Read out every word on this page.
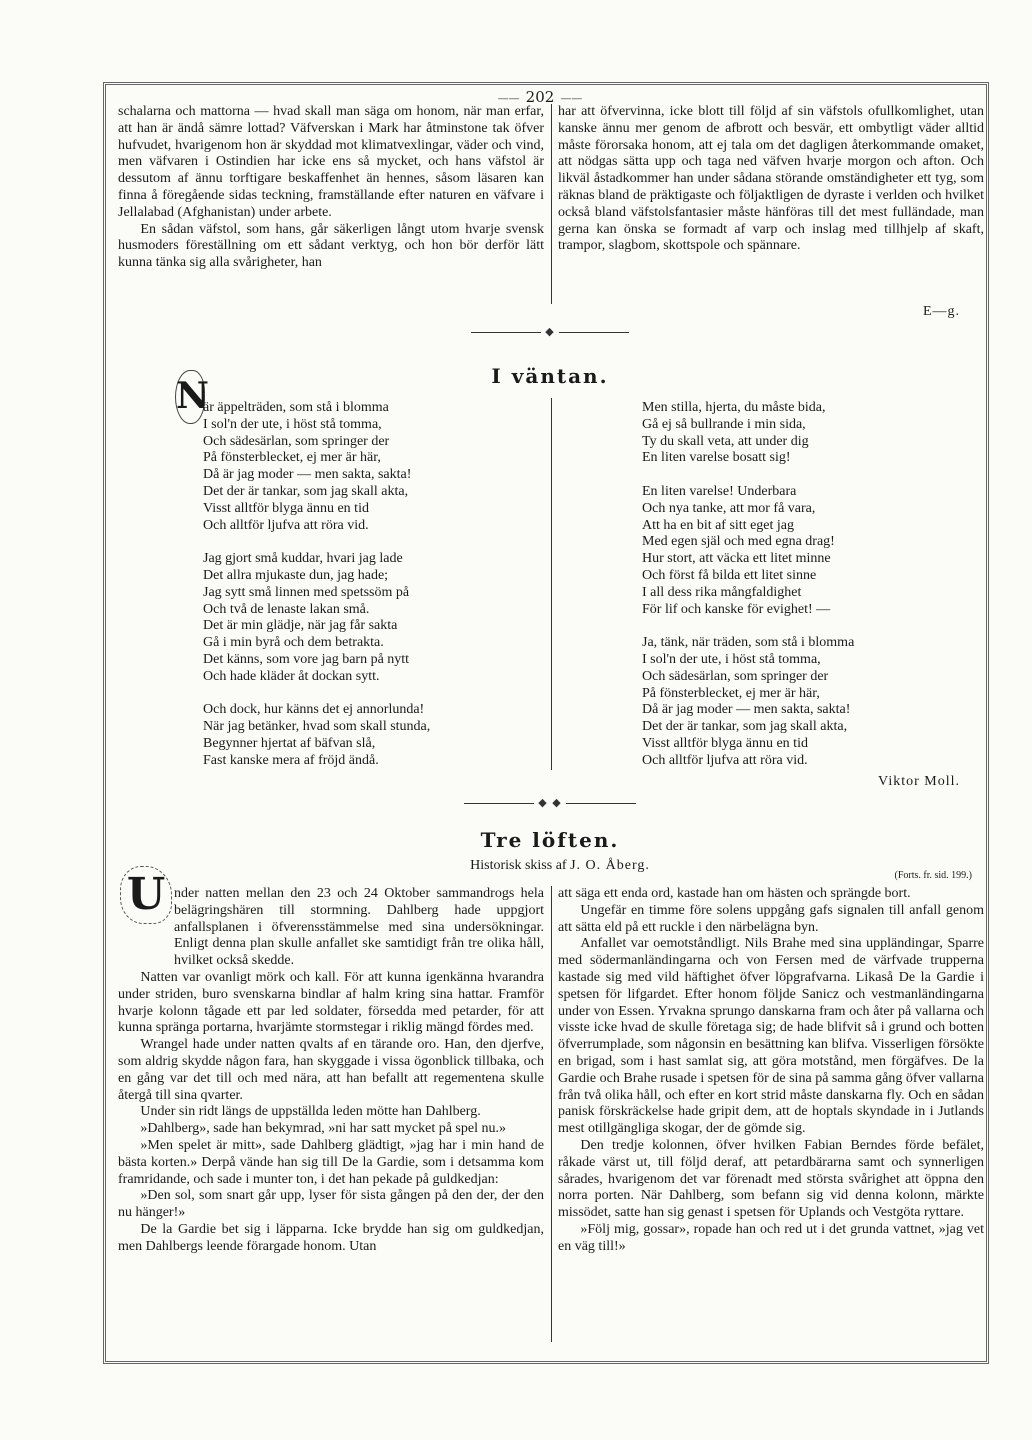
—— 202 ——

schalarna och mattorna — hvad skall man säga om honom, när man erfar, att han är ändå sämre lottad? Väfverskan i Mark har åtminstone tak öfver hufvudet, hvarigenom hon är skyddad mot klimatvexlingar, väder och vind, men väfvaren i Ostindien har icke ens så mycket, och hans väfstol är dessutom af ännu torftigare beskaffenhet än hennes, såsom läsaren kan finna å föregående sidas teckning, framställande efter naturen en väfvare i Jellalabad (Afghanistan) under arbete.

En sådan väfstol, som hans, går säkerligen långt utom hvarje svensk husmoders föreställning om ett sådant verktyg, och hon bör derför lätt kunna tänka sig alla svårigheter, han

har att öfvervinna, icke blott till följd af sin väfstols ofullkomlighet, utan kanske ännu mer genom de afbrott och besvär, ett ombytligt väder alltid måste förorsaka honom, att ej tala om det dagligen återkommande omaket, att nödgas sätta upp och taga ned väfven hvarje morgon och afton. Och likväl åstadkommer han under sådana störande omständigheter ett tyg, som räknas bland de präktigaste och följaktligen de dyraste i verlden och hvilket också bland väfstolsfantasier måste hänföras till det mest fulländade, man gerna kan önska se formadt af varp och inslag med tillhjelp af skaft, trampor, slagbom, skottspole och spännare.

E—g.
◆
I väntan.
N
är äppelträden, som stå i blomma
I sol'n der ute, i höst stå tomma,
Och sädesärlan, som springer der
På fönsterblecket, ej mer är här,
Då är jag moder — men sakta, sakta!
Det der är tankar, som jag skall akta,
Visst alltför blyga ännu en tid
Och alltför ljufva att röra vid.
Jag gjort små kuddar, hvari jag lade
Det allra mjukaste dun, jag hade;
Jag sytt små linnen med spetssöm på
Och två de lenaste lakan små.
Det är min glädje, när jag får sakta
Gå i min byrå och dem betrakta.
Det känns, som vore jag barn på nytt
Och hade kläder åt dockan sytt.
Och dock, hur känns det ej annorlunda!
När jag betänker, hvad som skall stunda,
Begynner hjertat af bäfvan slå,
Fast kanske mera af fröjd ändå.
Men stilla, hjerta, du måste bida,
Gå ej så bullrande i min sida,
Ty du skall veta, att under dig
En liten varelse bosatt sig!
En liten varelse! Underbara
Och nya tanke, att mor få vara,
Att ha en bit af sitt eget jag
Med egen själ och med egna drag!
Hur stort, att väcka ett litet minne
Och först få bilda ett litet sinne
I all dess rika mångfaldighet
För lif och kanske för evighet! —
Ja, tänk, när träden, som stå i blomma
I sol'n der ute, i höst stå tomma,
Och sädesärlan, som springer der
På fönsterblecket, ej mer är här,
Då är jag moder — men sakta, sakta!
Det der är tankar, som jag skall akta,
Visst alltför blyga ännu en tid
Och alltför ljufva att röra vid.
Viktor Moll.
◆ ◆
Tre löften.
Historisk skiss af J. O. Åberg.
(Forts. fr. sid. 199.)
U nder natten mellan den 23 och 24 Oktober sammandrogs hela belägringshären till stormning. Dahlberg hade uppgjort anfallsplanen i öfverensstämmelse med sina undersökningar. Enligt denna plan skulle anfallet ske samtidigt från tre olika håll, hvilket också skedde.

Natten var ovanligt mörk och kall. För att kunna igenkänna hvarandra under striden, buro svenskarna bindlar af halm kring sina hattar. Framför hvarje kolonn tågade ett par led soldater, försedda med petarder, för att kunna spränga portarna, hvarjämte stormstegar i riklig mängd fördes med.

Wrangel hade under natten qvalts af en tärande oro. Han, den djerfve, som aldrig skydde någon fara, han skyggade i vissa ögonblick tillbaka, och en gång var det till och med nära, att han befallt att regementena skulle återgå till sina qvarter.

Under sin ridt längs de uppställda leden mötte han Dahlberg.

»Dahlberg», sade han bekymrad, »ni har satt mycket på spel nu.»

»Men spelet är mitt», sade Dahlberg glädtigt, »jag har i min hand de bästa korten.» Derpå vände han sig till De la Gardie, som i detsamma kom framridande, och sade i munter ton, i det han pekade på guldkedjan:

»Den sol, som snart går upp, lyser för sista gången på den der, der den nu hänger!»

De la Gardie bet sig i läpparna. Icke brydde han sig om guldkedjan, men Dahlbergs leende förargade honom. Utan

att säga ett enda ord, kastade han om hästen och sprängde bort.

Ungefär en timme före solens uppgång gafs signalen till anfall genom att sätta eld på ett ruckle i den närbelägna byn.

Anfallet var oemotståndligt. Nils Brahe med sina uppländingar, Sparre med södermanländingarna och von Fersen med de värfvade trupperna kastade sig med vild häftighet öfver löpgrafvarna. Likaså De la Gardie i spetsen för lifgardet. Efter honom följde Sanicz och vestmanländingarna under von Essen. Yrvakna sprungo danskarna fram och åter på vallarna och visste icke hvad de skulle företaga sig; de hade blifvit så i grund och botten öfverrumplade, som någonsin en besättning kan blifva. Visserligen försökte en brigad, som i hast samlat sig, att göra motstånd, men förgäfves. De la Gardie och Brahe rusade i spetsen för de sina på samma gång öfver vallarna från två olika håll, och efter en kort strid måste danskarna fly. Och en sådan panisk förskräckelse hade gripit dem, att de hoptals skyndade in i Jutlands mest otillgängliga skogar, der de gömde sig.

Den tredje kolonnen, öfver hvilken Fabian Berndes förde befälet, råkade värst ut, till följd deraf, att petardbärarna samt och synnerligen sårades, hvarigenom det var förenadt med största svårighet att öppna den norra porten. När Dahlberg, som befann sig vid denna kolonn, märkte missödet, satte han sig genast i spetsen för Uplands och Vestgöta ryttare.

»Följ mig, gossar», ropade han och red ut i det grunda vattnet, »jag vet en väg till!»
